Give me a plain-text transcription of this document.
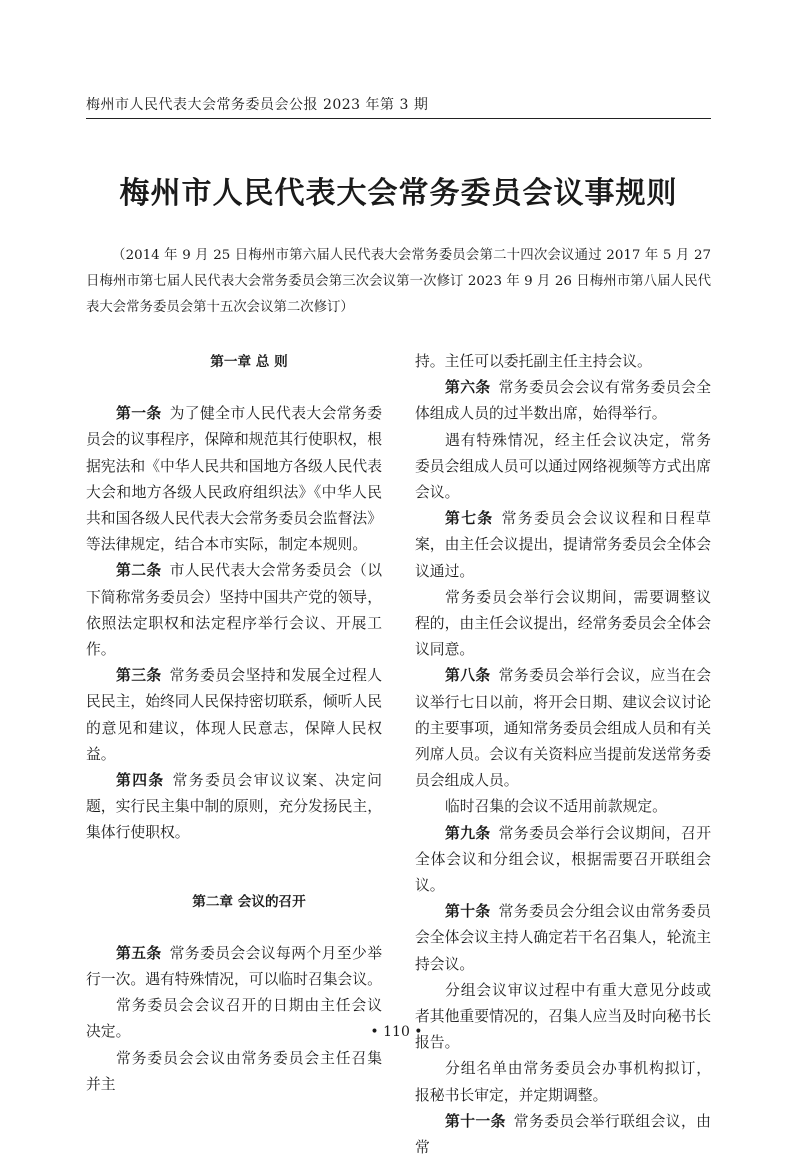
梅州市人民代表大会常务委员会公报 2023 年第 3 期
梅州市人民代表大会常务委员会议事规则
（2014 年 9 月 25 日梅州市第六届人民代表大会常务委员会第二十四次会议通过 2017 年 5 月 27 日梅州市第七届人民代表大会常务委员会第三次会议第一次修订 2023 年 9 月 26 日梅州市第八届人民代表大会常务委员会第十五次会议第二次修订）

第一章 总 则

第一条 为了健全市人民代表大会常务委员会的议事程序，保障和规范其行使职权，根据宪法和《中华人民共和国地方各级人民代表大会和地方各级人民政府组织法》《中华人民共和国各级人民代表大会常务委员会监督法》等法律规定，结合本市实际，制定本规则。

第二条 市人民代表大会常务委员会（以下简称常务委员会）坚持中国共产党的领导，依照法定职权和法定程序举行会议、开展工作。

第三条 常务委员会坚持和发展全过程人民民主，始终同人民保持密切联系，倾听人民的意见和建议，体现人民意志，保障人民权益。

第四条 常务委员会审议议案、决定问题，实行民主集中制的原则，充分发扬民主，集体行使职权。

第二章 会议的召开

第五条 常务委员会会议每两个月至少举行一次。遇有特殊情况，可以临时召集会议。

常务委员会会议召开的日期由主任会议决定。

常务委员会会议由常务委员会主任召集并主

持。主任可以委托副主任主持会议。

第六条 常务委员会会议有常务委员会全体组成人员的过半数出席，始得举行。

遇有特殊情况，经主任会议决定，常务委员会组成人员可以通过网络视频等方式出席会议。

第七条 常务委员会会议议程和日程草案，由主任会议提出，提请常务委员会全体会议通过。

常务委员会举行会议期间，需要调整议程的，由主任会议提出，经常务委员会全体会议同意。

第八条 常务委员会举行会议，应当在会议举行七日以前，将开会日期、建议会议讨论的主要事项，通知常务委员会组成人员和有关列席人员。会议有关资料应当提前发送常务委员会组成人员。

临时召集的会议不适用前款规定。

第九条 常务委员会举行会议期间，召开全体会议和分组会议，根据需要召开联组会议。

第十条 常务委员会分组会议由常务委员会全体会议主持人确定若干名召集人，轮流主持会议。

分组会议审议过程中有重大意见分歧或者其他重要情况的，召集人应当及时向秘书长报告。

分组名单由常务委员会办事机构拟订，报秘书长审定，并定期调整。

第十一条 常务委员会举行联组会议，由常

• 110 •
